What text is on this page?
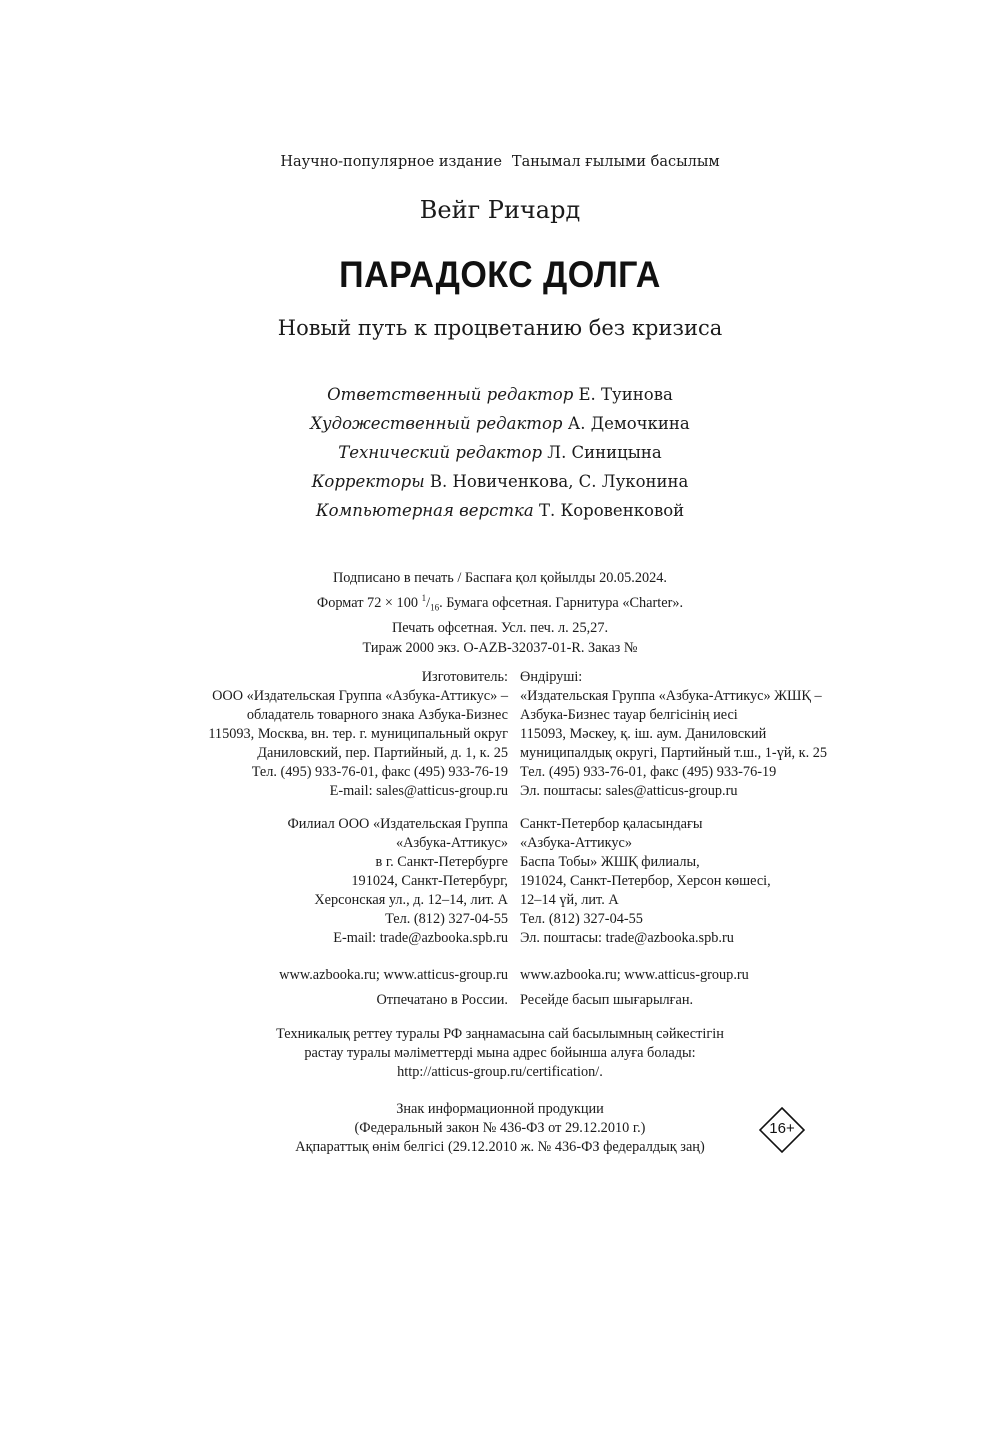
Научно-популярное издание Танымал ғылыми басылым
Вейг Ричард
ПАРАДОКС ДОЛГА
Новый путь к процветанию без кризиса
Ответственный редактор Е. Туинова
Художественный редактор А. Демочкина
Технический редактор Л. Синицына
Корректоры В. Новиченкова, С. Луконина
Компьютерная верстка Т. Коровенковой
Подписано в печать / Баспаға қол қойылды 20.05.2024.
Формат 72 × 100 $^1/_{16}$. Бумага офсетная. Гарнитура «Charter».
Печать офсетная. Усл. печ. л. 25,27.
Тираж 2000 экз. O-AZB-32037-01-R. Заказ №
Изготовитель:
ООО «Издательская Группа «Азбука-Аттикус» –
обладатель товарного знака Азбука-Бизнес
115093, Москва, вн. тер. г. муниципальный округ
Даниловский, пер. Партийный, д. 1, к. 25
Тел. (495) 933-76-01, факс (495) 933-76-19
E-mail: sales@atticus-group.ru
Өндіруші:
«Издательская Группа «Азбука-Аттикус» ЖШҚ –
Азбука-Бизнес тауар белгісінің иесі
115093, Мәскеу, қ. іш. аум. Даниловский
муниципалдық округі, Партийный т.ш., 1-үй, к. 25
Тел. (495) 933-76-01, факс (495) 933-76-19
Эл. поштасы: sales@atticus-group.ru
Филиал ООО «Издательская Группа
«Азбука-Аттикус»
в г. Санкт-Петербурге
191024, Санкт-Петербург,
Херсонская ул., д. 12–14, лит. А
Тел. (812) 327-04-55
E-mail: trade@azbooka.spb.ru
Санкт-Петербор қаласындағы
«Азбука-Аттикус»
Баспа Тобы» ЖШҚ филиалы,
191024, Санкт-Петербор, Херсон көшесі,
12–14 үй, лит. А
Тел. (812) 327-04-55
Эл. поштасы: trade@azbooka.spb.ru
www.azbooka.ru; www.atticus-group.ru
Отпечатано в России.
www.azbooka.ru; www.atticus-group.ru
Ресейде басып шығарылған.
Техникалық реттеу туралы РФ заңнамасына сай басылымның сәйкестігін
растау туралы мәліметтерді мына адрес бойынша алуға болады:
http://atticus-group.ru/certification/.
Знак информационной продукции
(Федеральный закон № 436-ФЗ от 29.12.2010 г.)
Ақпараттық өнім белгісі (29.12.2010 ж. № 436-ФЗ федералдық заң)
16+
